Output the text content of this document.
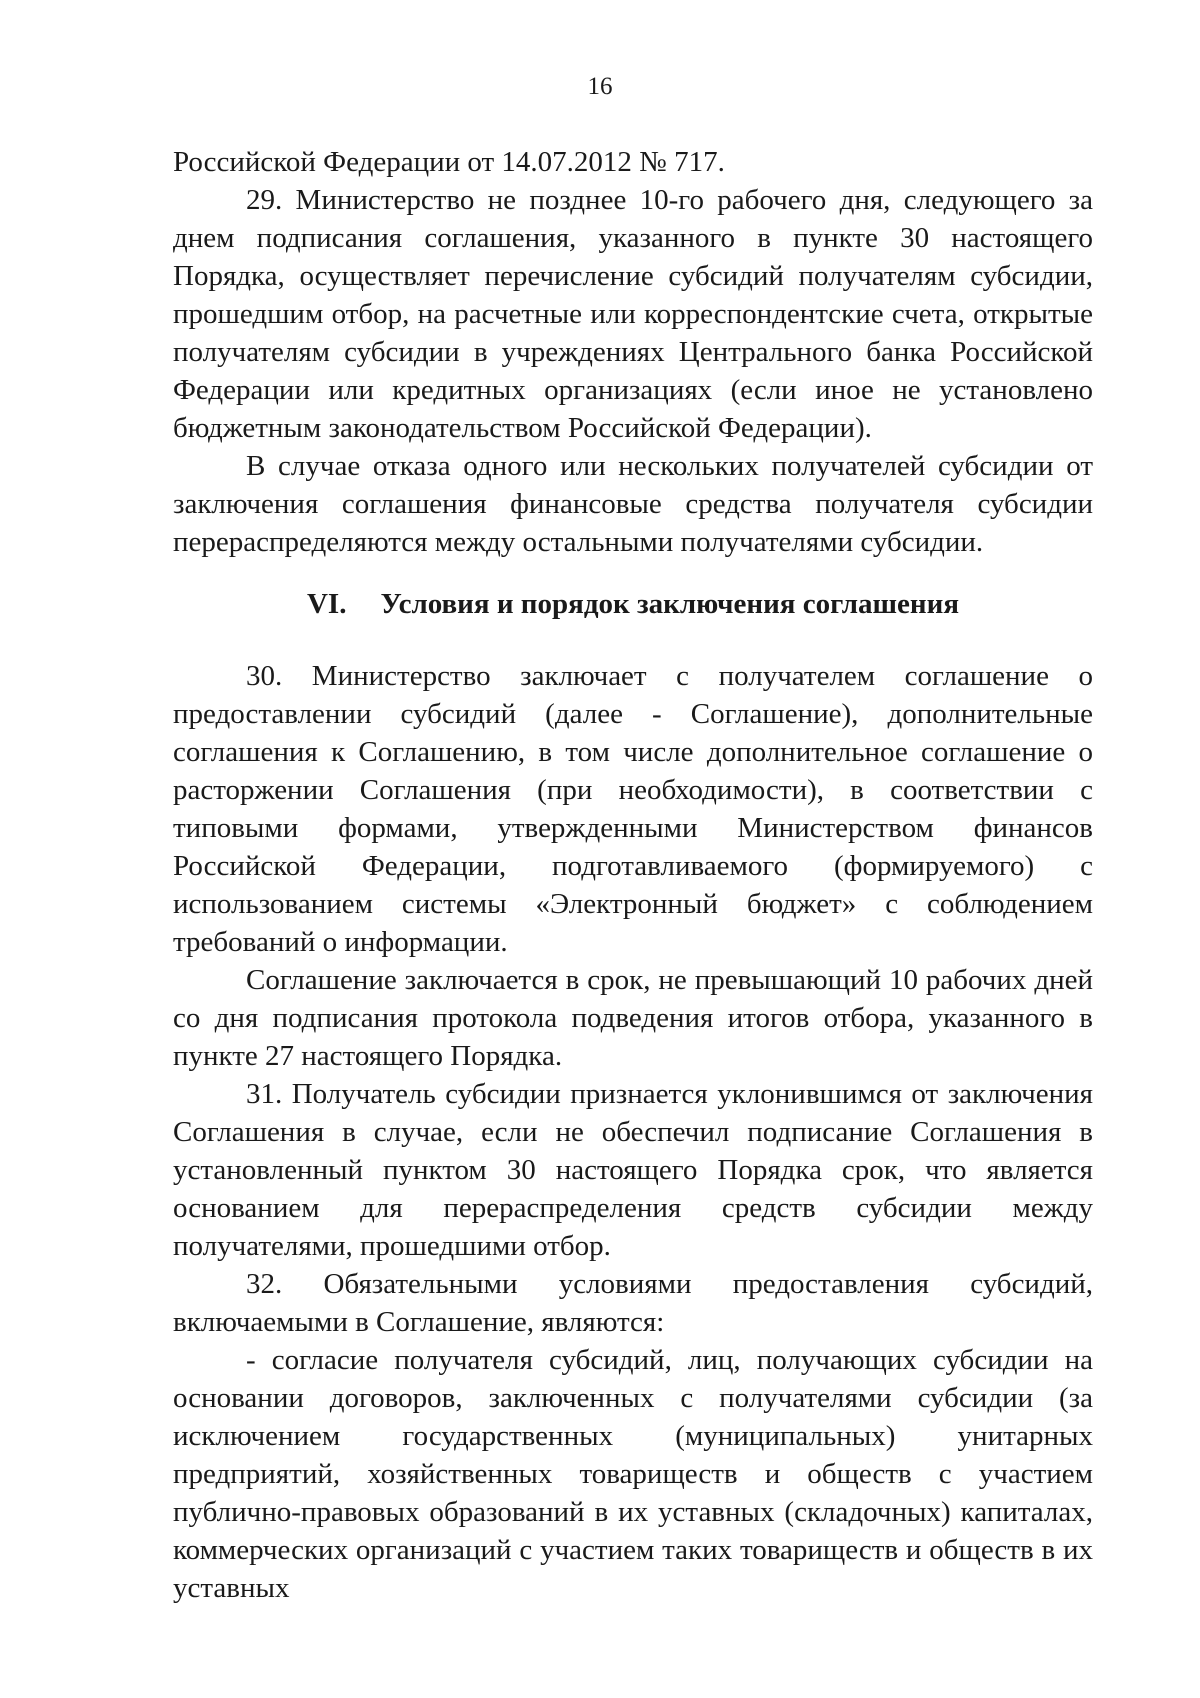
16

Российской Федерации от 14.07.2012 № 717.

29. Министерство не позднее 10-го рабочего дня, следующего за днем подписания соглашения, указанного в пункте 30 настоящего Порядка, осуществляет перечисление субсидий получателям субсидии, прошедшим отбор, на расчетные или корреспондентские счета, открытые получателям субсидии в учреждениях Центрального банка Российской Федерации или кредитных организациях (если иное не установлено бюджетным законодательством Российской Федерации).

В случае отказа одного или нескольких получателей субсидии от заключения соглашения финансовые средства получателя субсидии перераспределяются между остальными получателями субсидии.

VI. Условия и порядок заключения соглашения

30. Министерство заключает с получателем соглашение о предоставлении субсидий (далее - Соглашение), дополнительные соглашения к Соглашению, в том числе дополнительное соглашение о расторжении Соглашения (при необходимости), в соответствии с типовыми формами, утвержденными Министерством финансов Российской Федерации, подготавливаемого (формируемого) с использованием системы «Электронный бюджет» с соблюдением требований о информации.

Соглашение заключается в срок, не превышающий 10 рабочих дней со дня подписания протокола подведения итогов отбора, указанного в пункте 27 настоящего Порядка.

31. Получатель субсидии признается уклонившимся от заключения Соглашения в случае, если не обеспечил подписание Соглашения в установленный пунктом 30 настоящего Порядка срок, что является основанием для перераспределения средств субсидии между получателями, прошедшими отбор.

32. Обязательными условиями предоставления субсидий, включаемыми в Соглашение, являются:

- согласие получателя субсидий, лиц, получающих субсидии на основании договоров, заключенных с получателями субсидии (за исключением государственных (муниципальных) унитарных предприятий, хозяйственных товариществ и обществ с участием публично-правовых образований в их уставных (складочных) капиталах, коммерческих организаций с участием таких товариществ и обществ в их уставных
